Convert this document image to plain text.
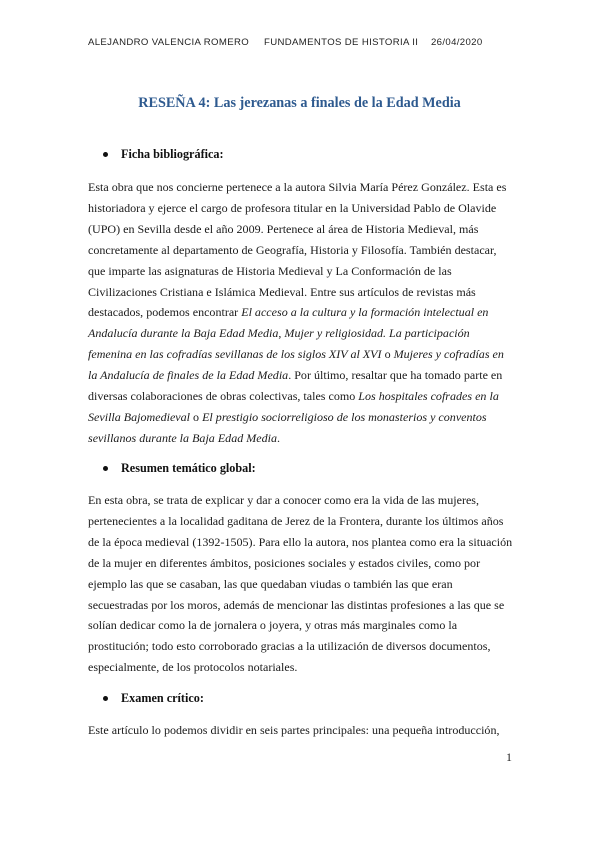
ALEJANDRO VALENCIA ROMERO FUNDAMENTOS DE HISTORIA II 26/04/2020
RESEÑA 4: Las jerezanas a finales de la Edad Media
Ficha bibliográfica:
Esta obra que nos concierne pertenece a la autora Silvia María Pérez González. Esta es
historiadora y ejerce el cargo de profesora titular en la Universidad Pablo de Olavide
(UPO) en Sevilla desde el año 2009. Pertenece al área de Historia Medieval, más
concretamente al departamento de Geografía, Historia y Filosofía. También destacar,
que imparte las asignaturas de Historia Medieval y La Conformación de las
Civilizaciones Cristiana e Islámica Medieval. Entre sus artículos de revistas más
destacados, podemos encontrar El acceso a la cultura y la formación intelectual en
Andalucía durante la Baja Edad Media, Mujer y religiosidad. La participación
femenina en las cofradías sevillanas de los siglos XIV al XVI o Mujeres y cofradías en
la Andalucía de finales de la Edad Media. Por último, resaltar que ha tomado parte en
diversas colaboraciones de obras colectivas, tales como Los hospitales cofrades en la
Sevilla Bajomedieval o El prestigio sociorreligioso de los monasterios y conventos
sevillanos durante la Baja Edad Media.
Resumen temático global:
En esta obra, se trata de explicar y dar a conocer como era la vida de las mujeres,
pertenecientes a la localidad gaditana de Jerez de la Frontera, durante los últimos años
de la época medieval (1392-1505). Para ello la autora, nos plantea como era la situación
de la mujer en diferentes ámbitos, posiciones sociales y estados civiles, como por
ejemplo las que se casaban, las que quedaban viudas o también las que eran
secuestradas por los moros, además de mencionar las distintas profesiones a las que se
solían dedicar como la de jornalera o joyera, y otras más marginales como la
prostitución; todo esto corroborado gracias a la utilización de diversos documentos,
especialmente, de los protocolos notariales.
Examen crítico:
Este artículo lo podemos dividir en seis partes principales: una pequeña introducción,
1
